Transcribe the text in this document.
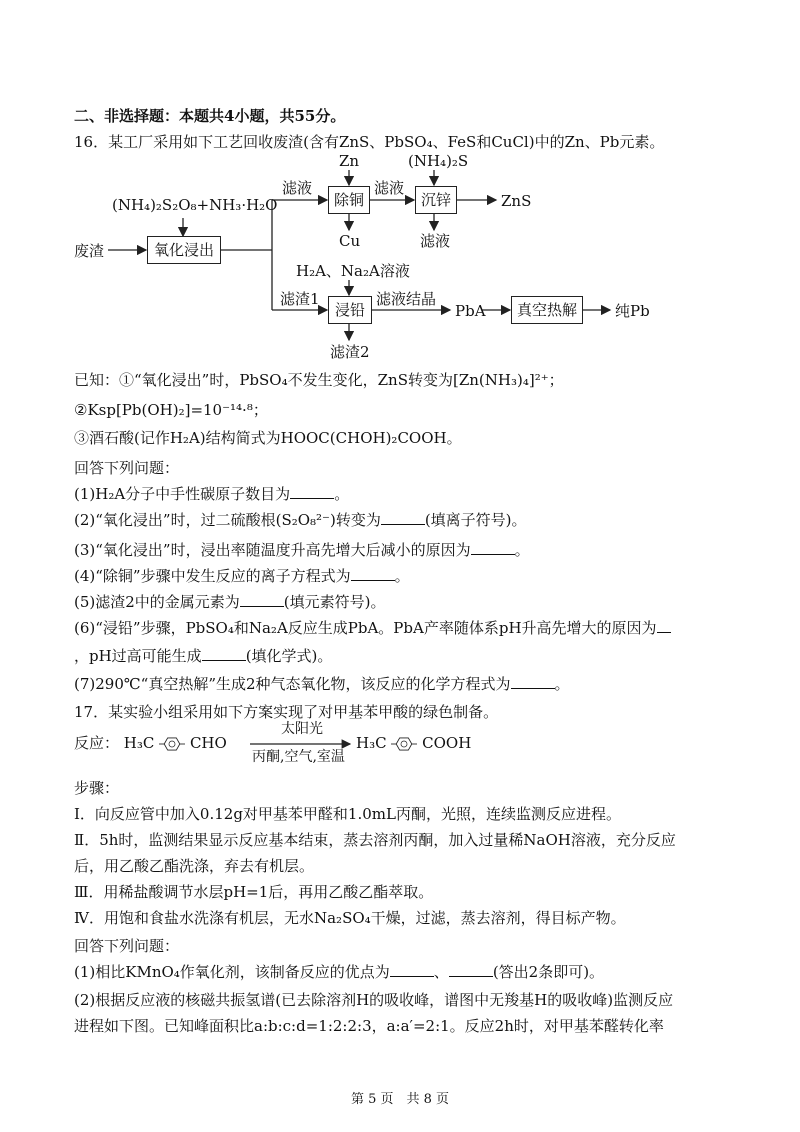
二、非选择题：本题共4小题，共55分。
16．某工厂采用如下工艺回收废渣(含有ZnS、PbSO₄、FeS和CuCl)中的Zn、Pb元素。
废渣
(NH₄)₂S₂O₈+NH₃·H₂O
氧化浸出
滤液
Zn
除铜
Cu
滤液
(NH₄)₂S
沉锌	ZnS
滤液
H₂A、Na₂A溶液
滤渣1
浸铅
滤液结晶
PbA	真空热解	纯Pb
滤渣2
已知：①“氧化浸出”时，PbSO₄不发生变化，ZnS转变为[Zn(NH₃)₄]²⁺；
②Ksp[Pb(OH)₂]=10⁻¹⁴·⁸；
③酒石酸(记作H₂A)结构简式为HOOC(CHOH)₂COOH。
回答下列问题：
(1)H₂A分子中手性碳原子数目为	。
(2)“氧化浸出”时，过二硫酸根(S₂O₈²⁻)转变为	(填离子符号)。
(3)“氧化浸出”时，浸出率随温度升高先增大后减小的原因为	。
(4)“除铜”步骤中发生反应的离子方程式为	。
(5)滤渣2中的金属元素为	(填元素符号)。
(6)“浸铅”步骤，PbSO₄和Na₂A反应生成PbA。PbA产率随体系pH升高先增大的原因为
，pH过高可能生成	(填化学式)。
(7)290℃“真空热解”生成2种气态氧化物，该反应的化学方程式为	。
17．某实验小组采用如下方案实现了对甲基苯甲酸的绿色制备。
反应： H₃C CHO
太阳光
丙酮,空气,室温
H₃C COOH
步骤：
Ⅰ．向反应管中加入0.12g对甲基苯甲醛和1.0mL丙酮，光照，连续监测反应进程。
Ⅱ．5h时，监测结果显示反应基本结束，蒸去溶剂丙酮，加入过量稀NaOH溶液，充分反应
后，用乙酸乙酯洗涤，弃去有机层。
Ⅲ．用稀盐酸调节水层pH=1后，再用乙酸乙酯萃取。
Ⅳ．用饱和食盐水洗涤有机层，无水Na₂SO₄干燥，过滤，蒸去溶剂，得目标产物。
回答下列问题：
(1)相比KMnO₄作氧化剂，该制备反应的优点为	、	(答出2条即可)。
(2)根据反应液的核磁共振氢谱(已去除溶剂H的吸收峰，谱图中无羧基H的吸收峰)监测反应
进程如下图。已知峰面积比a:b:c:d=1:2:2:3，a:a′=2:1。反应2h时，对甲基苯醛转化率
第 5 页　共 8 页
